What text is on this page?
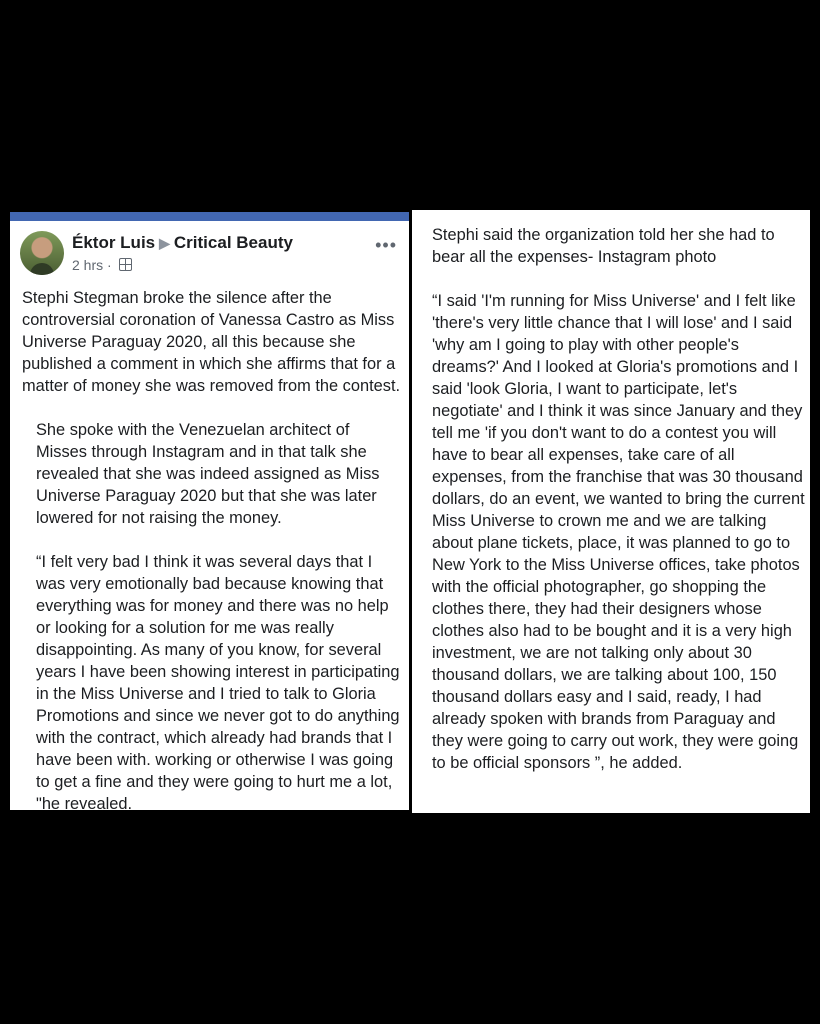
Éktor Luis ▶ Critical Beauty
2 hrs ·
•••

Stephi Stegman broke the silence after the controversial coronation of Vanessa Castro as Miss Universe Paraguay 2020, all this because she published a comment in which she affirms that for a matter of money she was removed from the contest.

She spoke with the Venezuelan architect of Misses through Instagram and in that talk she revealed that she was indeed assigned as Miss Universe Paraguay 2020 but that she was later lowered for not raising the money.

“I felt very bad I think it was several days that I was very emotionally bad because knowing that everything was for money and there was no help or looking for a solution for me was really disappointing. As many of you know, for several years I have been showing interest in participating in the Miss Universe and I tried to talk to Gloria Promotions and since we never got to do anything with the contract, which already had brands that I have been with. working or otherwise I was going to get a fine and they were going to hurt me a lot, "he revealed.

Stephi said the organization told her she had to bear all the expenses- Instagram photo

“I said 'I'm running for Miss Universe' and I felt like 'there's very little chance that I will lose' and I said 'why am I going to play with other people's dreams?' And I looked at Gloria's promotions and I said 'look Gloria, I want to participate, let's negotiate' and I think it was since January and they tell me 'if you don't want to do a contest you will have to bear all expenses, take care of all expenses, from the franchise that was 30 thousand dollars, do an event, we wanted to bring the current Miss Universe to crown me and we are talking about plane tickets, place, it was planned to go to New York to the Miss Universe offices, take photos with the official photographer, go shopping the clothes there, they had their designers whose clothes also had to be bought and it is a very high investment, we are not talking only about 30 thousand dollars, we are talking about 100, 150 thousand dollars easy and I said, ready, I had already spoken with brands from Paraguay and they were going to carry out work, they were going to be official sponsors ”, he added.
